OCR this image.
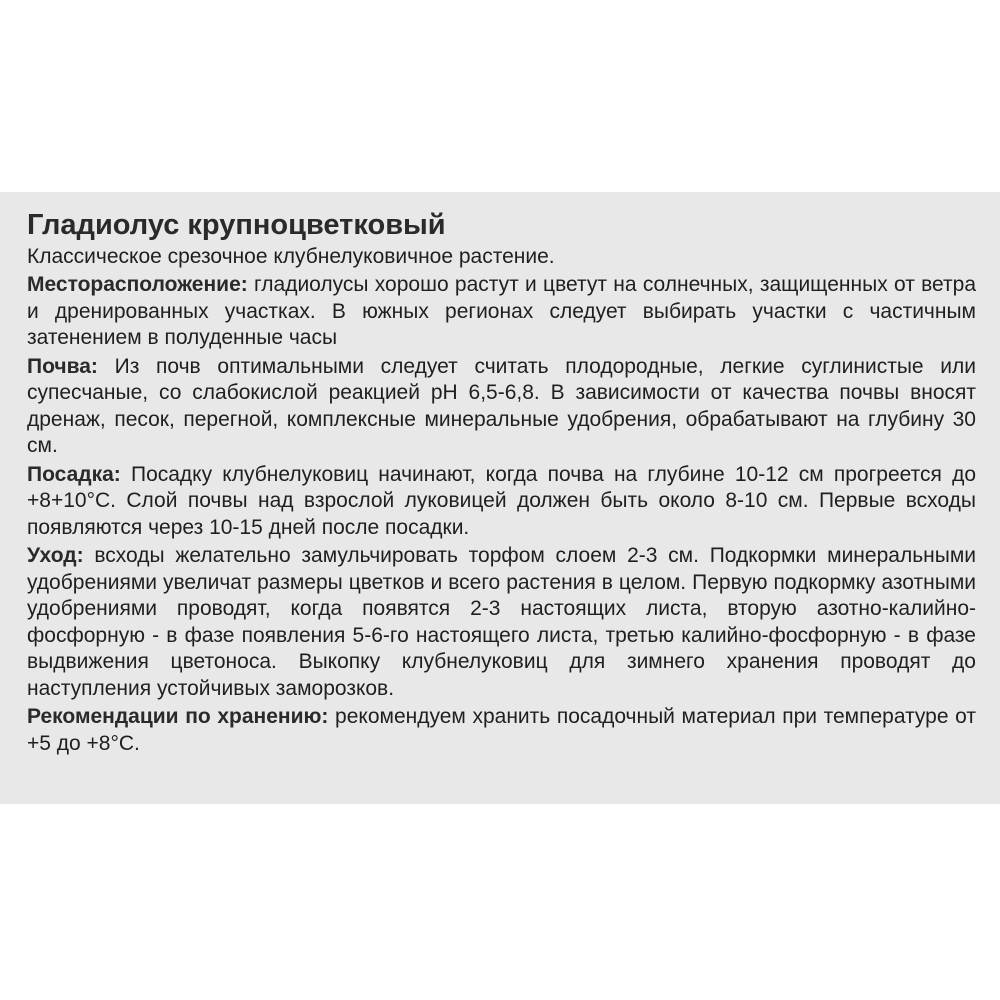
Гладиолус крупноцветковый

Классическое срезочное клубнелуковичное растение.

Месторасположение: гладиолусы хорошо растут и цветут на солнечных, защищенных от ветра и дренированных участках. В южных регионах следует выбирать участки с частичным затенением в полуденные часы

Почва: Из почв оптимальными следует считать плодородные, легкие суглинистые или супесчаные, со слабокислой реакцией pH 6,5-6,8. В зависимости от качества почвы вносят дренаж, песок, перегной, комплексные минеральные удобрения, обрабатывают на глубину 30 см.

Посадка: Посадку клубнелуковиц начинают, когда почва на глубине 10-12 см прогреется до +8+10°С. Слой почвы над взрослой луковицей должен быть около 8-10 см. Первые всходы появляются через 10-15 дней после посадки.

Уход: всходы желательно замульчировать торфом слоем 2-3 см. Подкормки минеральными удобрениями увеличат размеры цветков и всего растения в целом. Первую подкормку азотными удобрениями проводят, когда появятся 2-3 настоящих листа, вторую азотно-калийно-фосфорную - в фазе появления 5-6-го настоящего листа, третью калийно-фосфорную - в фазе выдвижения цветоноса. Выкопку клубнелуковиц для зимнего хранения проводят до наступления устойчивых заморозков.

Рекомендации по хранению: рекомендуем хранить посадочный материал при температуре от +5 до +8°С.
